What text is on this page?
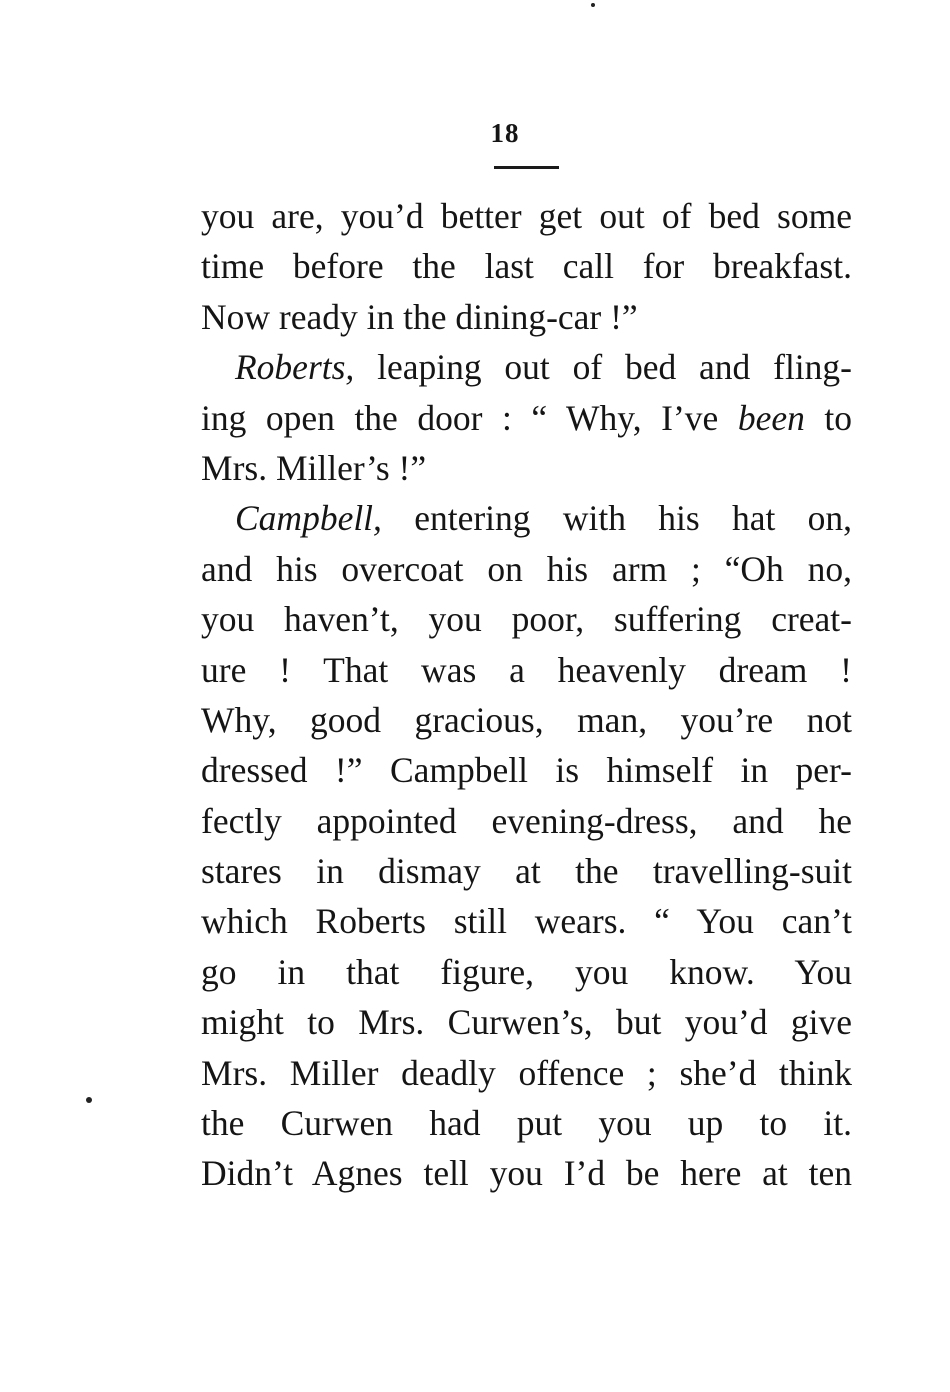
18
you are, you’d better get out of bed some
time before the last call for breakfast.
Now ready in the dining-car !”
Roberts, leaping out of bed and fling-
ing open the door : “ Why, I’ve been to
Mrs. Miller’s !”
Campbell, entering with his hat on,
and his overcoat on his arm ; “Oh no,
you haven’t, you poor, suffering creat-
ure ! That was a heavenly dream !
Why, good gracious, man, you’re not
dressed !” Campbell is himself in per-
fectly appointed evening-dress, and he
stares in dismay at the travelling-suit
which Roberts still wears. “ You can’t
go in that figure, you know. You
might to Mrs. Curwen’s, but you’d give
Mrs. Miller deadly offence ; she’d think
the Curwen had put you up to it.
Didn’t Agnes tell you I’d be here at ten
